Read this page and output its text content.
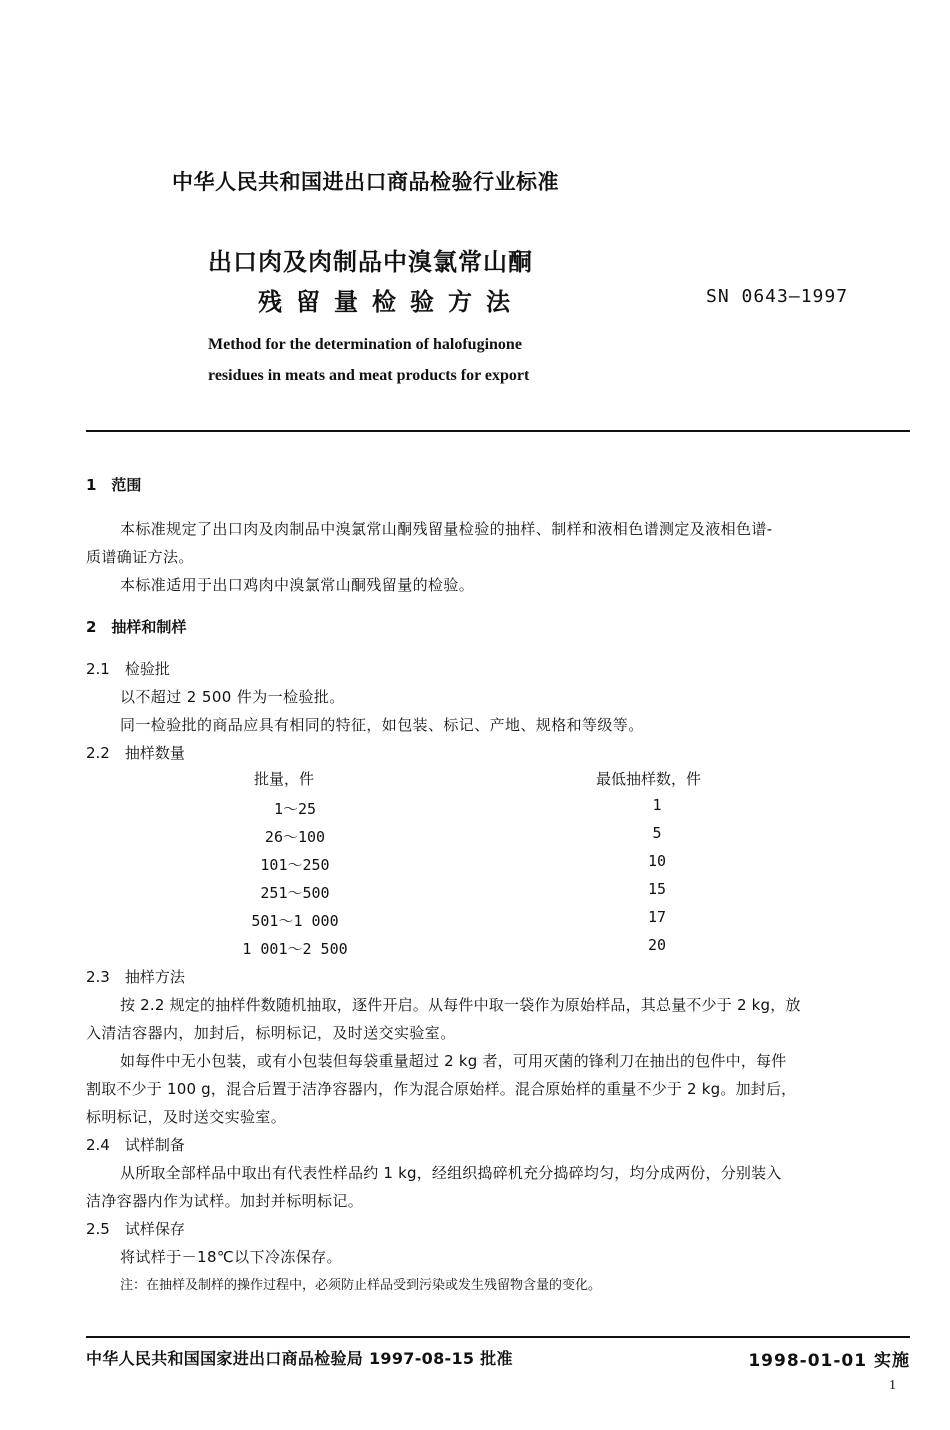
中华人民共和国进出口商品检验行业标准
出口肉及肉制品中溴氯常山酮
残留量检验方法	SN 0643—1997
Method for the determination of halofuginone
residues in meats and meat products for export
1　范围
本标准规定了出口肉及肉制品中溴氯常山酮残留量检验的抽样、制样和液相色谱测定及液相色谱-
质谱确证方法。
本标准适用于出口鸡肉中溴氯常山酮残留量的检验。
2　抽样和制样
2.1　检验批
以不超过 2 500 件为一检验批。
同一检验批的商品应具有相同的特征，如包装、标记、产地、规格和等级等。
2.2　抽样数量
批量，件	最低抽样数，件
1～25	1
26～100	5
101～250	10
251～500	15
501～1 000	17
1 001～2 500	20
2.3　抽样方法
按 2.2 规定的抽样件数随机抽取，逐件开启。从每件中取一袋作为原始样品，其总量不少于 2 kg，放
入清洁容器内，加封后，标明标记，及时送交实验室。
如每件中无小包装，或有小包装但每袋重量超过 2 kg 者，可用灭菌的锋利刀在抽出的包件中，每件
割取不少于 100 g，混合后置于洁净容器内，作为混合原始样。混合原始样的重量不少于 2 kg。加封后，
标明标记，及时送交实验室。
2.4　试样制备
从所取全部样品中取出有代表性样品约 1 kg，经组织捣碎机充分捣碎均匀，均分成两份，分别装入
洁净容器内作为试样。加封并标明标记。
2.5　试样保存
将试样于－18℃以下冷冻保存。
注：在抽样及制样的操作过程中，必须防止样品受到污染或发生残留物含量的变化。
中华人民共和国国家进出口商品检验局 1997-08-15 批准	1998-01-01 实施
1
